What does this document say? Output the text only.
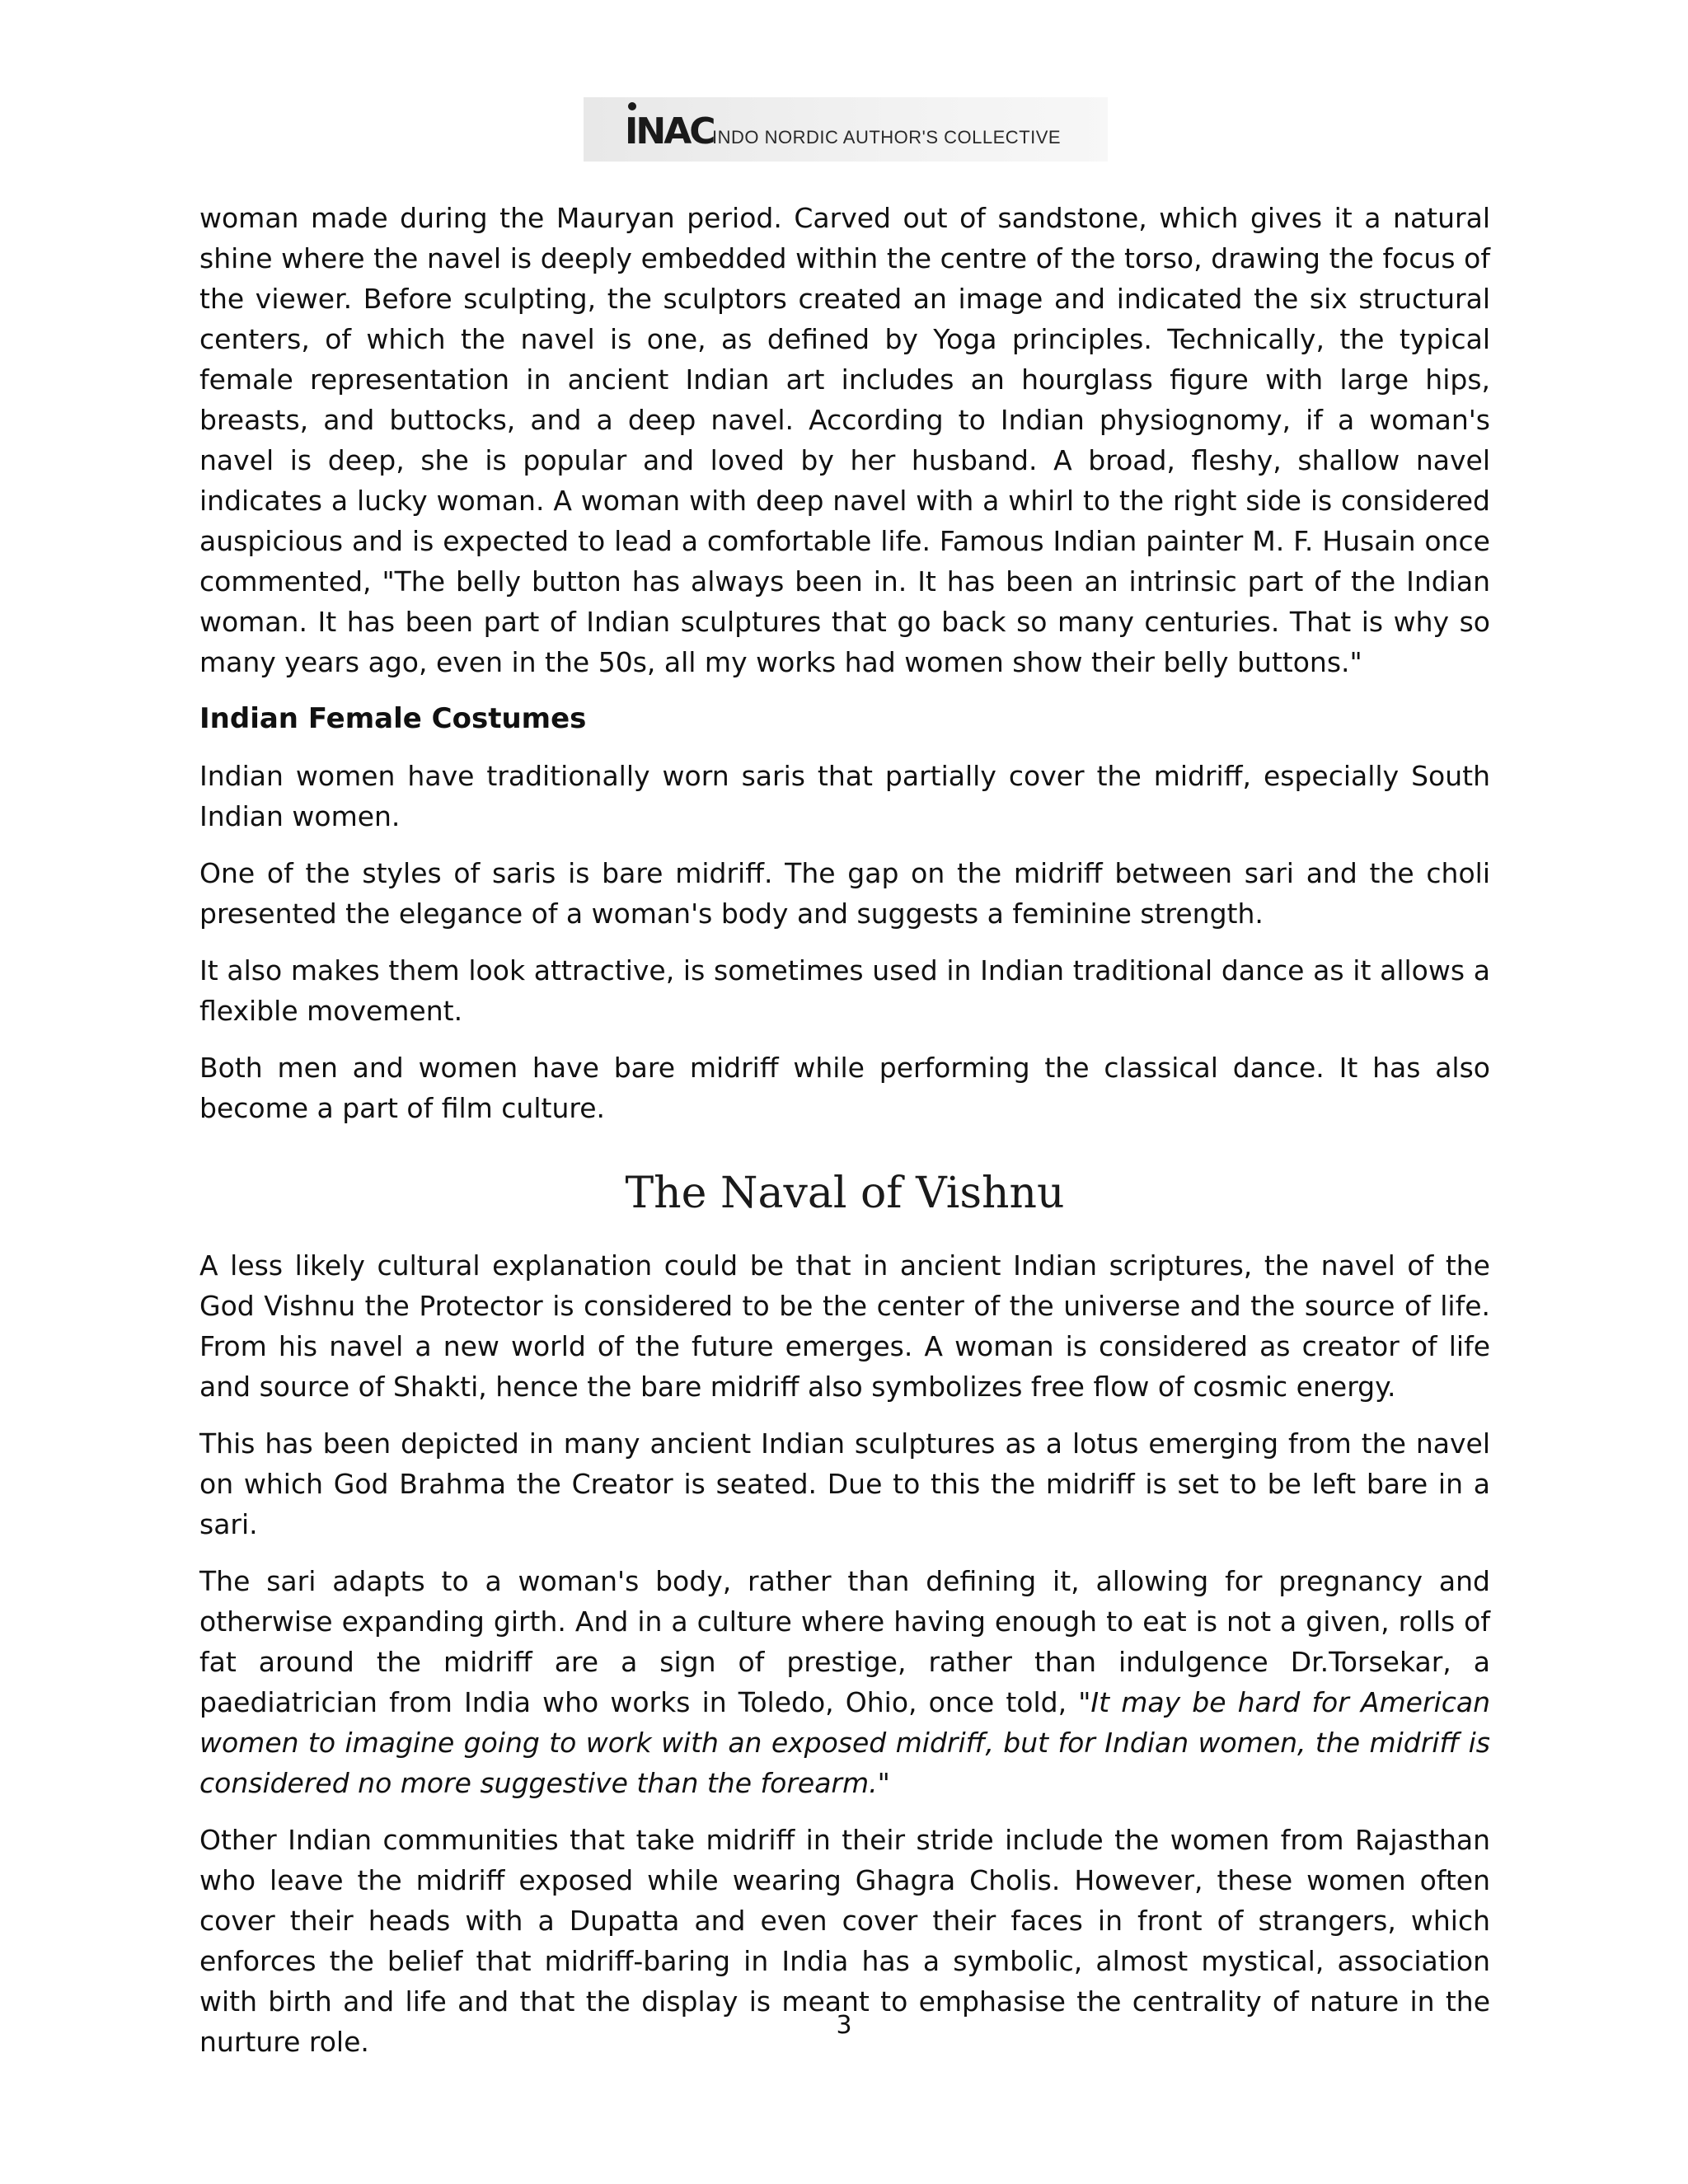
INAC
INDO NORDIC AUTHOR'S COLLECTIVE

woman made during the Mauryan period. Carved out of sandstone, which gives it a natural shine where the navel is deeply embedded within the centre of the torso, drawing the focus of the viewer. Before sculpting, the sculptors created an image and indicated the six structural centers, of which the navel is one, as defined by Yoga principles. Technically, the typical female representation in ancient Indian art includes an hourglass figure with large hips, breasts, and buttocks, and a deep navel. According to Indian physiognomy, if a woman's navel is deep, she is popular and loved by her husband. A broad, fleshy, shallow navel indicates a lucky woman. A woman with deep navel with a whirl to the right side is considered auspicious and is expected to lead a comfortable life. Famous Indian painter M. F. Husain once commented, "The belly button has always been in. It has been an intrinsic part of the Indian woman. It has been part of Indian sculptures that go back so many centuries. That is why so many years ago, even in the 50s, all my works had women show their belly buttons."

Indian Female Costumes

Indian women have traditionally worn saris that partially cover the midriff, especially South Indian women.

One of the styles of saris is bare midriff. The gap on the midriff between sari and the choli presented the elegance of a woman's body and suggests a feminine strength.

It also makes them look attractive, is sometimes used in Indian traditional dance as it allows a flexible movement.

Both men and women have bare midriff while performing the classical dance. It has also become a part of film culture.

The Naval of Vishnu

A less likely cultural explanation could be that in ancient Indian scriptures, the navel of the God Vishnu the Protector is considered to be the center of the universe and the source of life. From his navel a new world of the future emerges. A woman is considered as creator of life and source of Shakti, hence the bare midriff also symbolizes free flow of cosmic energy.

This has been depicted in many ancient Indian sculptures as a lotus emerging from the navel on which God Brahma the Creator is seated. Due to this the midriff is set to be left bare in a sari.

The sari adapts to a woman's body, rather than defining it, allowing for pregnancy and otherwise expanding girth. And in a culture where having enough to eat is not a given, rolls of fat around the midriff are a sign of prestige, rather than indulgence Dr.Torsekar, a paediatrician from India who works in Toledo, Ohio, once told, "It may be hard for American women to imagine going to work with an exposed midriff, but for Indian women, the midriff is considered no more suggestive than the forearm."

Other Indian communities that take midriff in their stride include the women from Rajasthan who leave the midriff exposed while wearing Ghagra Cholis. However, these women often cover their heads with a Dupatta and even cover their faces in front of strangers, which enforces the belief that midriff-baring in India has a symbolic, almost mystical, association with birth and life and that the display is meant to emphasise the centrality of nature in the nurture role.

3
